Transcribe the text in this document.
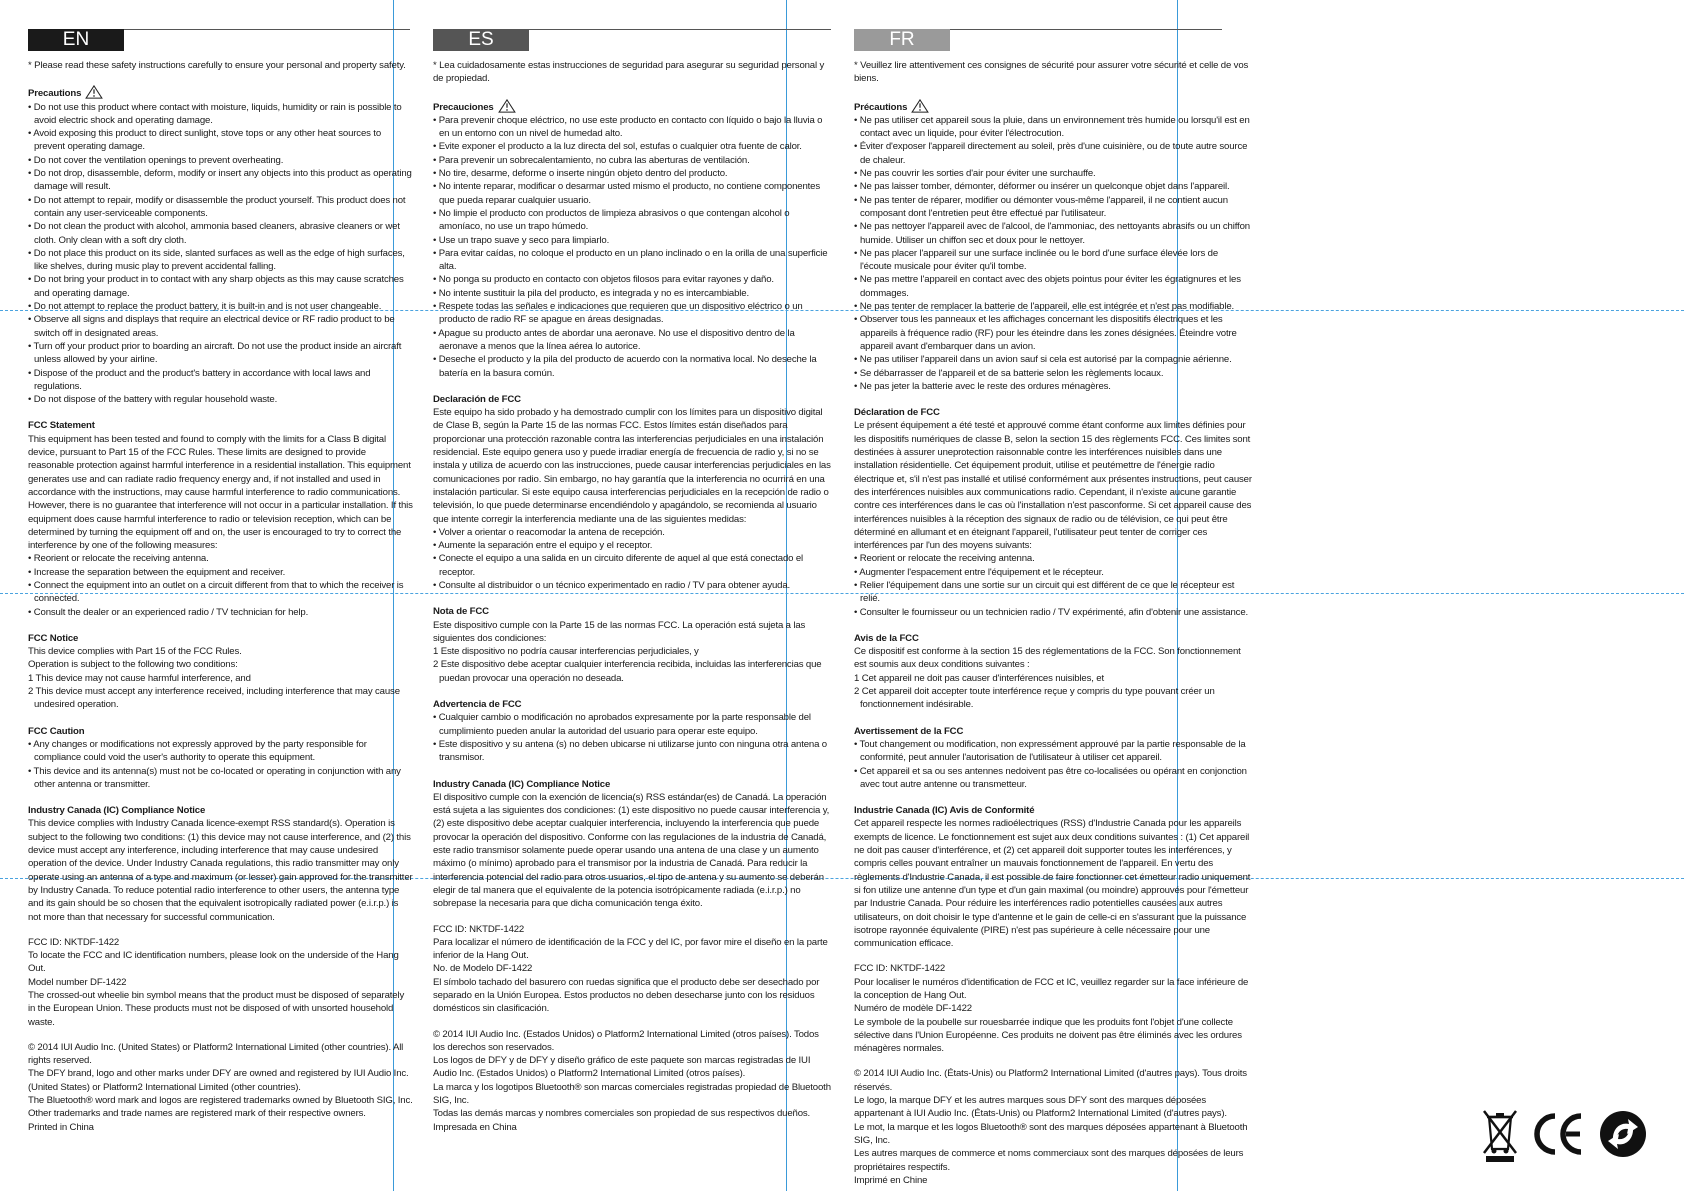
EN

* Please read these safety instructions carefully to ensure your personal and property safety.

Precautions

• Do not use this product where contact with moisture, liquids, humidity or rain is possible to avoid electric shock and operating damage.

• Avoid exposing this product to direct sunlight, stove tops or any other heat sources to prevent operating damage.

• Do not cover the ventilation openings to prevent overheating.

• Do not drop, disassemble, deform, modify or insert any objects into this product as operating damage will result.

• Do not attempt to repair, modify or disassemble the product yourself. This product does not contain any user-serviceable components.

• Do not clean the product with alcohol, ammonia based cleaners, abrasive cleaners or wet cloth. Only clean with a soft dry cloth.

• Do not place this product on its side, slanted surfaces as well as the edge of high surfaces, like shelves, during music play to prevent accidental falling.

• Do not bring your product in to contact with any sharp objects as this may cause scratches and operating damage.

• Do not attempt to replace the product battery, it is built-in and is not user changeable.

• Observe all signs and displays that require an electrical device or RF radio product to be switch off in designated areas.

• Turn off your product prior to boarding an aircraft. Do not use the product inside an aircraft unless allowed by your airline.

• Dispose of the product and the product's battery in accordance with local laws and regulations.

• Do not dispose of the battery with regular household waste.

FCC Statement

This equipment has been tested and found to comply with the limits for a Class B digital device, pursuant to Part 15 of the FCC Rules. These limits are designed to provide reasonable protection against harmful interference in a residential installation. This equipment generates use and can radiate radio frequency energy and, if not installed and used in accordance with the instructions, may cause harmful interference to radio communications. However, there is no guarantee that interference will not occur in a particular installation. If this equipment does cause harmful interference to radio or television reception, which can be determined by turning the equipment off and on, the user is encouraged to try to correct the interference by one of the following measures:

• Reorient or relocate the receiving antenna.

• Increase the separation between the equipment and receiver.

• Connect the equipment into an outlet on a circuit different from that to which the receiver is connected.

• Consult the dealer or an experienced radio / TV technician for help.

FCC Notice

This device complies with Part 15 of the FCC Rules.

Operation is subject to the following two conditions:

1 This device may not cause harmful interference, and

2 This device must accept any interference received, including interference that may cause undesired operation.

FCC Caution

• Any changes or modifications not expressly approved by the party responsible for compliance could void the user's authority to operate this equipment.

• This device and its antenna(s) must not be co-located or operating in conjunction with any other antenna or transmitter.

Industry Canada (IC) Compliance Notice

This device complies with Industry Canada licence-exempt RSS standard(s). Operation is subject to the following two conditions: (1) this device may not cause interference, and (2) this device must accept any interference, including interference that may cause undesired operation of the device. Under Industry Canada regulations, this radio transmitter may only operate using an antenna of a type and maximum (or lesser) gain approved for the transmitter by Industry Canada. To reduce potential radio interference to other users, the antenna type and its gain should be so chosen that the equivalent isotropically radiated power (e.i.r.p.) is not more than that necessary for successful communication.

FCC ID: NKTDF-1422

To locate the FCC and IC identification numbers, please look on the underside of the Hang Out.

Model number DF-1422

The crossed-out wheelie bin symbol means that the product must be disposed of separately in the European Union. These products must not be disposed of with unsorted household waste.

© 2014 IUI Audio Inc. (United States) or Platform2 International Limited (other countries). All rights reserved.

The DFY brand, logo and other marks under DFY are owned and registered by IUI Audio Inc. (United States) or Platform2 International Limited (other countries).

The Bluetooth® word mark and logos are registered trademarks owned by Bluetooth SIG, Inc. Other trademarks and trade names are registered mark of their respective owners.

Printed in China

ES

* Lea cuidadosamente estas instrucciones de seguridad para asegurar su seguridad personal y de propiedad.

Precauciones

• Para prevenir choque eléctrico, no use este producto en contacto con líquido o bajo la lluvia o en un entorno con un nivel de humedad alto.

• Evite exponer el producto a la luz directa del sol, estufas o cualquier otra fuente de calor.

• Para prevenir un sobrecalentamiento, no cubra las aberturas de ventilación.

• No tire, desarme, deforme o inserte ningún objeto dentro del producto.

• No intente reparar, modificar o desarmar usted mismo el producto, no contiene componentes que pueda reparar cualquier usuario.

• No limpie el producto con productos de limpieza abrasivos o que contengan alcohol o amoníaco, no use un trapo húmedo.

• Use un trapo suave y seco para limpiarlo.

• Para evitar caídas, no coloque el producto en un plano inclinado o en la orilla de una superficie alta.

• No ponga su producto en contacto con objetos filosos para evitar rayones y daño.

• No intente sustituir la pila del producto, es integrada y no es intercambiable.

• Respete todas las señales e indicaciones que requieren que un dispositivo eléctrico o un producto de radio RF se apague en áreas designadas.

• Apague su producto antes de abordar una aeronave. No use el dispositivo dentro de la aeronave a menos que la línea aérea lo autorice.

• Deseche el producto y la pila del producto de acuerdo con la normativa local. No deseche la batería en la basura común.

Declaración de FCC

Este equipo ha sido probado y ha demostrado cumplir con los límites para un dispositivo digital de Clase B, según la Parte 15 de las normas FCC. Estos límites están diseñados para proporcionar una protección razonable contra las interferencias perjudiciales en una instalación residencial. Este equipo genera uso y puede irradiar energía de frecuencia de radio y, si no se instala y utiliza de acuerdo con las instrucciones, puede causar interferencias perjudiciales en las comunicaciones por radio. Sin embargo, no hay garantía que la interferencia no ocurrirá en una instalación particular. Si este equipo causa interferencias perjudiciales en la recepción de radio o televisión, lo que puede determinarse encendiéndolo y apagándolo, se recomienda al usuario que intente corregir la interferencia mediante una de las siguientes medidas:

• Volver a orientar o reacomodar la antena de recepción.

• Aumente la separación entre el equipo y el receptor.

• Conecte el equipo a una salida en un circuito diferente de aquel al que está conectado el receptor.

• Consulte al distribuidor o un técnico experimentado en radio / TV para obtener ayuda.

Nota de FCC

Este dispositivo cumple con la Parte 15 de las normas FCC. La operación está sujeta a las siguientes dos condiciones:

1 Este dispositivo no podría causar interferencias perjudiciales, y

2 Este dispositivo debe aceptar cualquier interferencia recibida, incluidas las interferencias que puedan provocar una operación no deseada.

Advertencia de FCC

• Cualquier cambio o modificación no aprobados expresamente por la parte responsable del cumplimiento pueden anular la autoridad del usuario para operar este equipo.

• Este dispositivo y su antena (s) no deben ubicarse ni utilizarse junto con ninguna otra antena o transmisor.

Industry Canada (IC) Compliance Notice

El dispositivo cumple con la exención de licencia(s) RSS estándar(es) de Canadá. La operación está sujeta a las siguientes dos condiciones: (1) este dispositivo no puede causar interferencia y, (2) este dispositivo debe aceptar cualquier interferencia, incluyendo la interferencia que puede provocar la operación del dispositivo. Conforme con las regulaciones de la industria de Canadá, este radio transmisor solamente puede operar usando una antena de una clase y un aumento máximo (o mínimo) aprobado para el transmisor por la industria de Canadá. Para reducir la interferencia potencial del radio para otros usuarios, el tipo de antena y su aumento se deberán elegir de tal manera que el equivalente de la potencia isotrópicamente radiada (e.i.r.p.) no sobrepase la necesaria para que dicha comunicación tenga éxito.

FCC ID: NKTDF-1422

Para localizar el número de identificación de la FCC y del IC, por favor mire el diseño en la parte inferior de la Hang Out.

No. de Modelo DF-1422

El símbolo tachado del basurero con ruedas significa que el producto debe ser desechado por separado en la Unión Europea. Estos productos no deben desecharse junto con los residuos domésticos sin clasificación.

© 2014 IUI Audio Inc. (Estados Unidos) o Platform2 International Limited (otros países). Todos los derechos son reservados.

Los logos de DFY y de DFY y diseño gráfico de este paquete son marcas registradas de IUI Audio Inc. (Estados Unidos) o Platform2 International Limited (otros países).

La marca y los logotipos Bluetooth® son marcas comerciales registradas propiedad de Bluetooth SIG, Inc.

Todas las demás marcas y nombres comerciales son propiedad de sus respectivos dueños.

Impresada en China

FR

* Veuillez lire attentivement ces consignes de sécurité pour assurer votre sécurité et celle de vos biens.

Précautions

• Ne pas utiliser cet appareil sous la pluie, dans un environnement très humide ou lorsqu'il est en contact avec un liquide, pour éviter l'électrocution.

• Éviter d'exposer l'appareil directement au soleil, près d'une cuisinière, ou de toute autre source de chaleur.

• Ne pas couvrir les sorties d'air pour éviter une surchauffe.

• Ne pas laisser tomber, démonter, déformer ou insérer un quelconque objet dans l'appareil.

• Ne pas tenter de réparer, modifier ou démonter vous-même l'appareil, il ne contient aucun composant dont l'entretien peut être effectué par l'utilisateur.

• Ne pas nettoyer l'appareil avec de l'alcool, de l'ammoniac, des nettoyants abrasifs ou un chiffon humide. Utiliser un chiffon sec et doux pour le nettoyer.

• Ne pas placer l'appareil sur une surface inclinée ou le bord d'une surface élevée lors de l'écoute musicale pour éviter qu'il tombe.

• Ne pas mettre l'appareil en contact avec des objets pointus pour éviter les égratignures et les dommages.

• Ne pas tenter de remplacer la batterie de l'appareil, elle est intégrée et n'est pas modifiable.

• Observer tous les panneaux et les affichages concernant les dispositifs électriques et les appareils à fréquence radio (RF) pour les éteindre dans les zones désignées. Éteindre votre appareil avant d'embarquer dans un avion.

• Ne pas utiliser l'appareil dans un avion sauf si cela est autorisé par la compagnie aérienne.

• Se débarrasser de l'appareil et de sa batterie selon les règlements locaux.

• Ne pas jeter la batterie avec le reste des ordures ménagères.

Déclaration de FCC

Le présent équipement a été testé et approuvé comme étant conforme aux limites définies pour les dispositifs numériques de classe B, selon la section 15 des règlements FCC. Ces limites sont destinées à assurer uneprotection raisonnable contre les interférences nuisibles dans une installation résidentielle. Cet équipement produit, utilise et peutémettre de l'énergie radio électrique et, s'il n'est pas installé et utilisé conformément aux présentes instructions, peut causer des interférences nuisibles aux communications radio. Cependant, il n'existe aucune garantie contre ces interférences dans le cas où l'installation n'est pasconforme. Si cet appareil cause des interférences nuisibles à la réception des signaux de radio ou de télévision, ce qui peut être déterminé en allumant et en éteignant l'appareil, l'utilisateur peut tenter de corriger ces interférences par l'un des moyens suivants:

• Reorient or relocate the receiving antenna.

• Augmenter l'espacement entre l'équipement et le récepteur.

• Relier l'équipement dans une sortie sur un circuit qui est différent de ce que le récepteur est relié.

• Consulter le fournisseur ou un technicien radio / TV expérimenté, afin d'obtenir une assistance.

Avis de la FCC

Ce dispositif est conforme à la section 15 des réglementations de la FCC. Son fonctionnement est soumis aux deux conditions suivantes :

1 Cet appareil ne doit pas causer d'interférences nuisibles, et

2 Cet appareil doit accepter toute interférence reçue y compris du type pouvant créer un fonctionnement indésirable.

Avertissement de la FCC

• Tout changement ou modification, non expressément approuvé par la partie responsable de la conformité, peut annuler l'autorisation de l'utilisateur à utiliser cet appareil.

• Cet appareil et sa ou ses antennes nedoivent pas être co-localisées ou opérant en conjonction avec tout autre antenne ou transmetteur.

Industrie Canada (IC) Avis de Conformité

Cet appareil respecte les normes radioélectriques (RSS) d'Industrie Canada pour les appareils exempts de licence. Le fonctionnement est sujet aux deux conditions suivantes : (1) Cet appareil ne doit pas causer d'interférence, et (2) cet appareil doit supporter toutes les interférences, y compris celles pouvant entraîner un mauvais fonctionnement de l'appareil. En vertu des règlements d'Industrie Canada, il est possible de faire fonctionner cet émetteur radio uniquement si fon utilize une antenne d'un type et d'un gain maximal (ou moindre) approuvés pour l'émetteur par Industrie Canada. Pour réduire les interférences radio potentielles causées aux autres utilisateurs, on doit choisir le type d'antenne et le gain de celle-ci en s'assurant que la puissance isotrope rayonnée équivalente (PIRE) n'est pas supérieure à celle nécessaire pour une communication efficace.

FCC ID: NKTDF-1422

Pour localiser le numéros d'identification de FCC et IC, veuillez regarder sur la face inférieure de la conception de Hang Out.

Numéro de modèle DF-1422

Le symbole de la poubelle sur rouesbarrée indique que les produits font l'objet d'une collecte sélective dans l'Union Européenne. Ces produits ne doivent pas être éliminés avec les ordures ménagères normales.

© 2014 IUI Audio Inc. (États-Unis) ou Platform2 International Limited (d'autres pays). Tous droits réservés.

Le logo, la marque DFY et les autres marques sous DFY sont des marques déposées appartenant à IUI Audio Inc. (États-Unis) ou Platform2 International Limited (d'autres pays).

Le mot, la marque et les logos Bluetooth® sont des marques déposées appartenant à Bluetooth SIG, Inc.

Les autres marques de commerce et noms commerciaux sont des marques déposées de leurs propriétaires respectifs.

Imprimé en Chine
